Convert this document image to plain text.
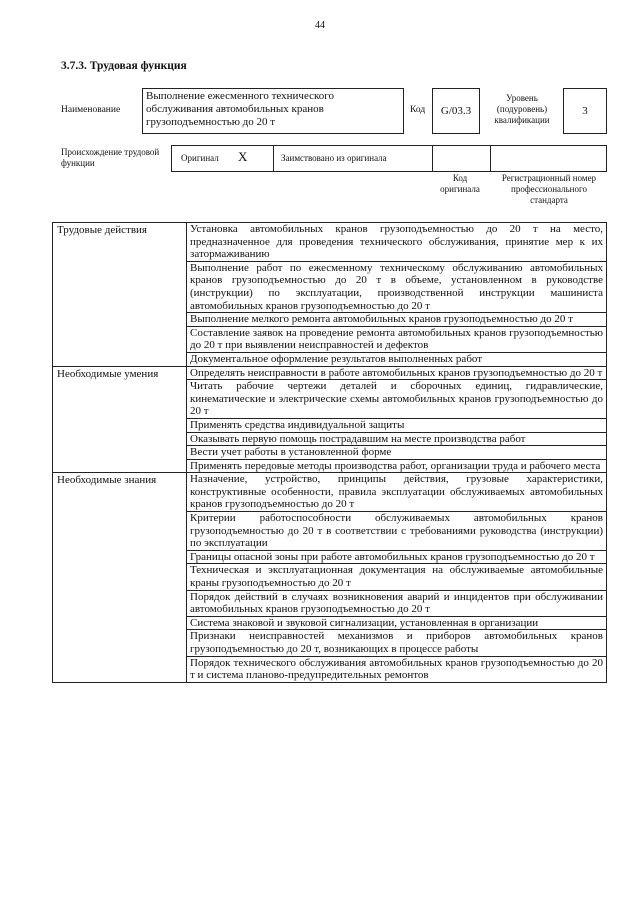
44
3.7.3. Трудовая функция
Наименование
Выполнение ежесменного технического обслуживания автомобильных кранов грузоподъемностью до 20 т
Код	G/03.3
Уровень (подуровень) квалификации
3
Происхождение трудовой функции	Оригинал X	Заимствовано из оригинала
Код оригинала
Регистрационный номер профессионального стандарта
Трудовые действия	Установка автомобильных кранов грузоподъемностью до 20 т на место, предназначенное для проведения технического обслуживания, принятие мер к их затормаживанию
	Выполнение работ по ежесменному техническому обслуживанию автомобильных кранов грузоподъемностью до 20 т в объеме, установленном в руководстве (инструкции) по эксплуатации, производственной инструкции машиниста автомобильных кранов грузоподъемностью до 20 т
	Выполнение мелкого ремонта автомобильных кранов грузоподъемностью до 20 т
	Составление заявок на проведение ремонта автомобильных кранов грузоподъемностью до 20 т при выявлении неисправностей и дефектов
	Документальное оформление результатов выполненных работ
Необходимые умения	Определять неисправности в работе автомобильных кранов грузоподъемностью до 20 т
	Читать рабочие чертежи деталей и сборочных единиц, гидравлические, кинематические и электрические схемы автомобильных кранов грузоподъемностью до 20 т
	Применять средства индивидуальной защиты
	Оказывать первую помощь пострадавшим на месте производства работ
	Вести учет работы в установленной форме
	Применять передовые методы производства работ, организации труда и рабочего места
Необходимые знания	Назначение, устройство, принципы действия, грузовые характеристики, конструктивные особенности, правила эксплуатации обслуживаемых автомобильных кранов грузоподъемностью до 20 т
	Критерии работоспособности обслуживаемых автомобильных кранов грузоподъемностью до 20 т в соответствии с требованиями руководства (инструкции) по эксплуатации
	Границы опасной зоны при работе автомобильных кранов грузоподъемностью до 20 т
	Техническая и эксплуатационная документация на обслуживаемые автомобильные краны грузоподъемностью до 20 т
	Порядок действий в случаях возникновения аварий и инцидентов при обслуживании автомобильных кранов грузоподъемностью до 20 т
	Система знаковой и звуковой сигнализации, установленная в организации
	Признаки неисправностей механизмов и приборов автомобильных кранов грузоподъемностью до 20 т, возникающих в процессе работы
	Порядок технического обслуживания автомобильных кранов грузоподъемностью до 20 т и система планово-предупредительных ремонтов
